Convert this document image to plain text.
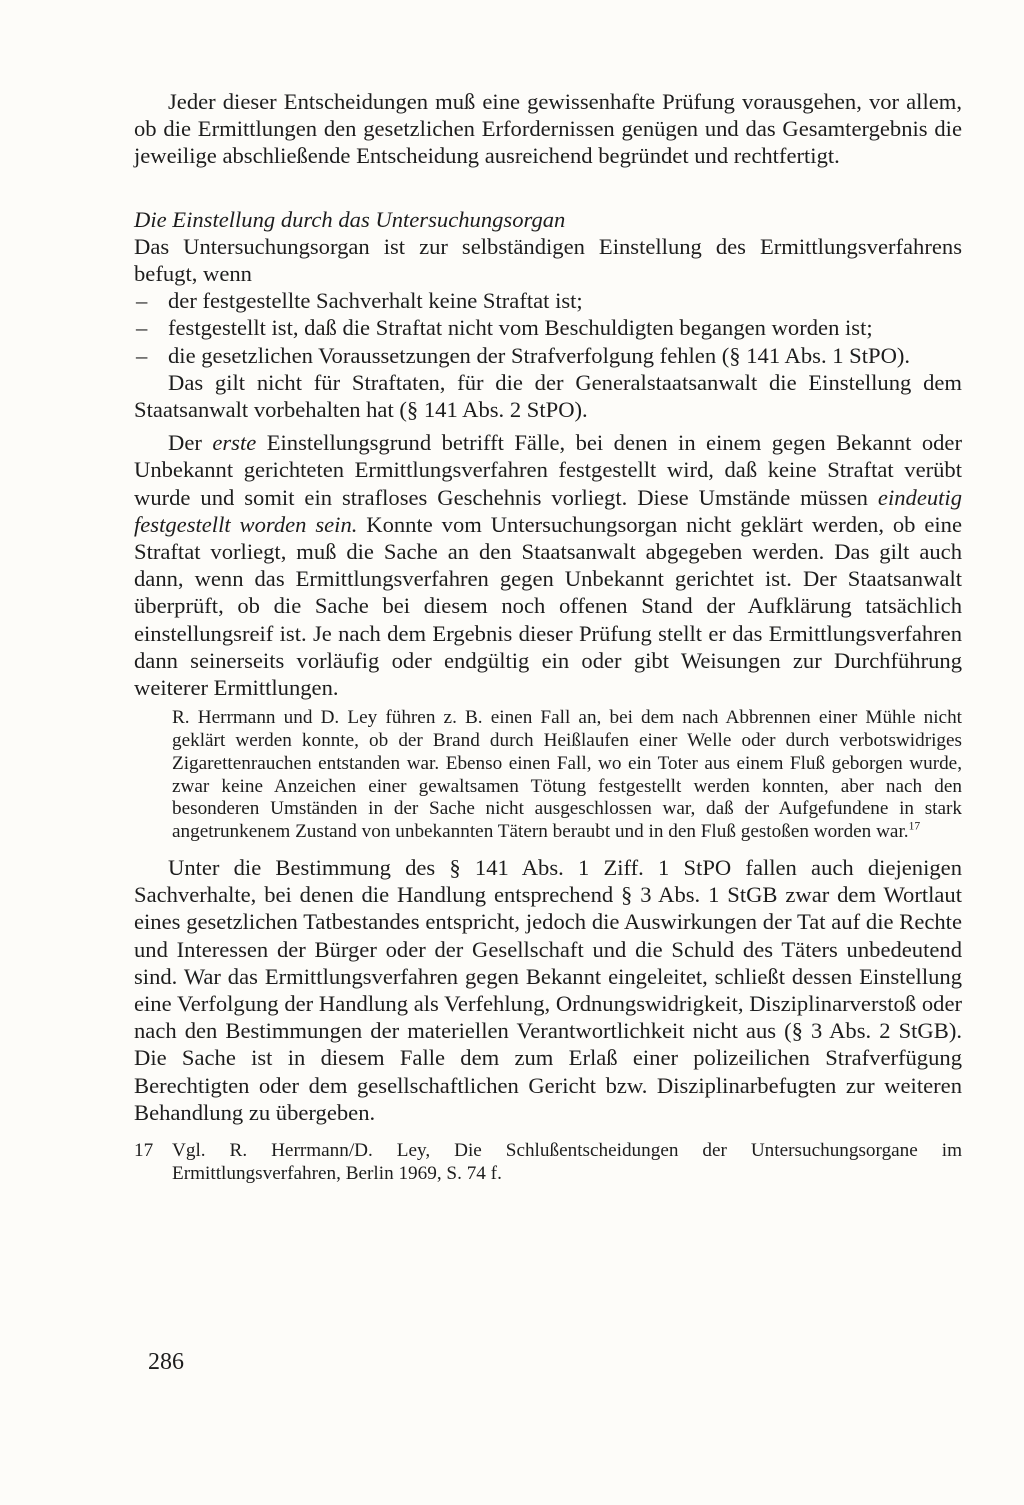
Jeder dieser Entscheidungen muß eine gewissenhafte Prüfung vorausgehen, vor allem, ob die Ermittlungen den gesetzlichen Erfordernissen genügen und das Gesamtergebnis die jeweilige abschließende Entscheidung ausreichend begründet und rechtfertigt.

Die Einstellung durch das Untersuchungsorgan

Das Untersuchungsorgan ist zur selbständigen Einstellung des Ermittlungsverfahrens befugt, wenn

– der festgestellte Sachverhalt keine Straftat ist;
– festgestellt ist, daß die Straftat nicht vom Beschuldigten begangen worden ist;
– die gesetzlichen Voraussetzungen der Strafverfolgung fehlen (§ 141 Abs. 1 StPO).

Das gilt nicht für Straftaten, für die der Generalstaatsanwalt die Einstellung dem Staatsanwalt vorbehalten hat (§ 141 Abs. 2 StPO).

Der erste Einstellungsgrund betrifft Fälle, bei denen in einem gegen Bekannt oder Unbekannt gerichteten Ermittlungsverfahren festgestellt wird, daß keine Straftat verübt wurde und somit ein strafloses Geschehnis vorliegt. Diese Umstände müssen eindeutig festgestellt worden sein. Konnte vom Untersuchungsorgan nicht geklärt werden, ob eine Straftat vorliegt, muß die Sache an den Staatsanwalt abgegeben werden. Das gilt auch dann, wenn das Ermittlungsverfahren gegen Unbekannt gerichtet ist. Der Staatsanwalt überprüft, ob die Sache bei diesem noch offenen Stand der Aufklärung tatsächlich einstellungsreif ist. Je nach dem Ergebnis dieser Prüfung stellt er das Ermittlungsverfahren dann seinerseits vorläufig oder endgültig ein oder gibt Weisungen zur Durchführung weiterer Ermittlungen.

R. Herrmann und D. Ley führen z. B. einen Fall an, bei dem nach Abbrennen einer Mühle nicht geklärt werden konnte, ob der Brand durch Heißlaufen einer Welle oder durch verbotswidriges Zigarettenrauchen entstanden war. Ebenso einen Fall, wo ein Toter aus einem Fluß geborgen wurde, zwar keine Anzeichen einer gewaltsamen Tötung festgestellt werden konnten, aber nach den besonderen Umständen in der Sache nicht ausgeschlossen war, daß der Aufgefundene in stark angetrunkenem Zustand von unbekannten Tätern beraubt und in den Fluß gestoßen worden war.$^{17}$

Unter die Bestimmung des § 141 Abs. 1 Ziff. 1 StPO fallen auch diejenigen Sachverhalte, bei denen die Handlung entsprechend § 3 Abs. 1 StGB zwar dem Wortlaut eines gesetzlichen Tatbestandes entspricht, jedoch die Auswirkungen der Tat auf die Rechte und Interessen der Bürger oder der Gesellschaft und die Schuld des Täters unbedeutend sind. War das Ermittlungsverfahren gegen Bekannt eingeleitet, schließt dessen Einstellung eine Verfolgung der Handlung als Verfehlung, Ordnungswidrigkeit, Disziplinarverstoß oder nach den Bestimmungen der materiellen Verantwortlichkeit nicht aus (§ 3 Abs. 2 StGB). Die Sache ist in diesem Falle dem zum Erlaß einer polizeilichen Strafverfügung Berechtigten oder dem gesellschaftlichen Gericht bzw. Disziplinarbefugten zur weiteren Behandlung zu übergeben.

17 Vgl. R. Herrmann/D. Ley, Die Schlußentscheidungen der Untersuchungsorgane im Ermittlungsverfahren, Berlin 1969, S. 74 f.

286
